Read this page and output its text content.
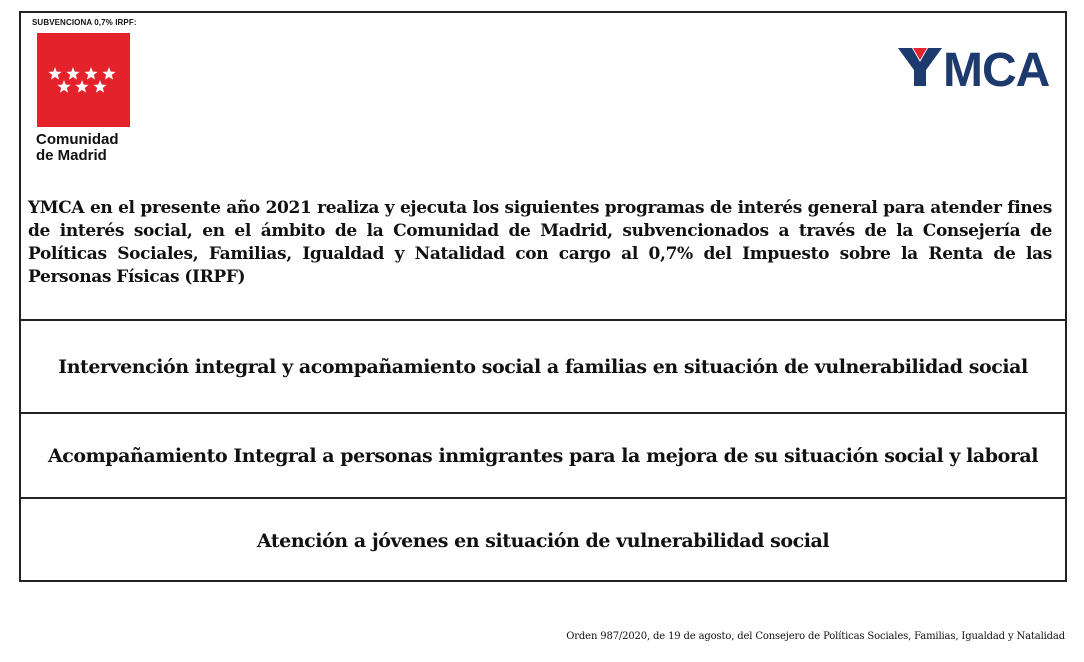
SUBVENCIONA 0,7% IRPF:
Comunidad
de Madrid
MCA

YMCA en el presente año 2021 realiza y ejecuta los siguientes programas de interés general para atender fines de interés social, en el ámbito de la Comunidad de Madrid, subvencionados a través de la Consejería de Políticas Sociales, Familias, Igualdad y Natalidad con cargo al 0,7% del Impuesto sobre la Renta de las Personas Físicas (IRPF)

Intervención integral y acompañamiento social a familias en situación de vulnerabilidad social
Acompañamiento Integral a personas inmigrantes para la mejora de su situación social y laboral
Atención a jóvenes en situación de vulnerabilidad social
Orden 987/2020, de 19 de agosto, del Consejero de Políticas Sociales, Familias, Igualdad y Natalidad
